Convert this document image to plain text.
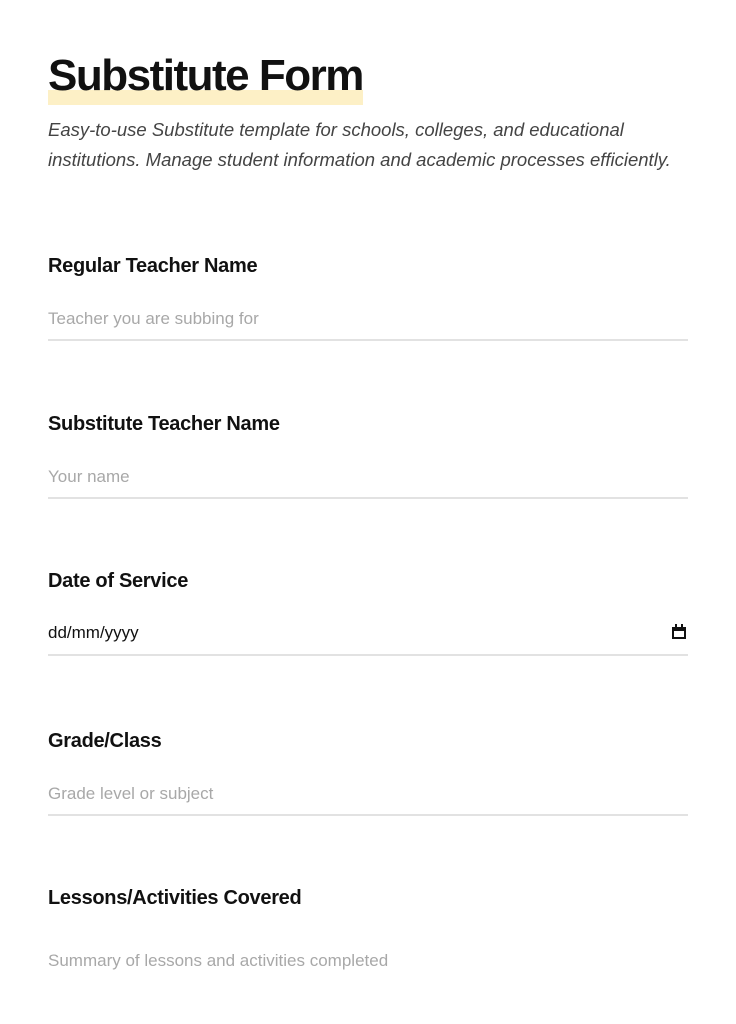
Substitute Form

Easy-to-use Substitute template for schools, colleges, and educational institutions. Manage student information and academic processes efficiently.

Regular Teacher Name
Teacher you are subbing for
Substitute Teacher Name
Your name
Date of Service
dd/mm/yyyy
Grade/Class
Grade level or subject
Lessons/Activities Covered
Summary of lessons and activities completed
